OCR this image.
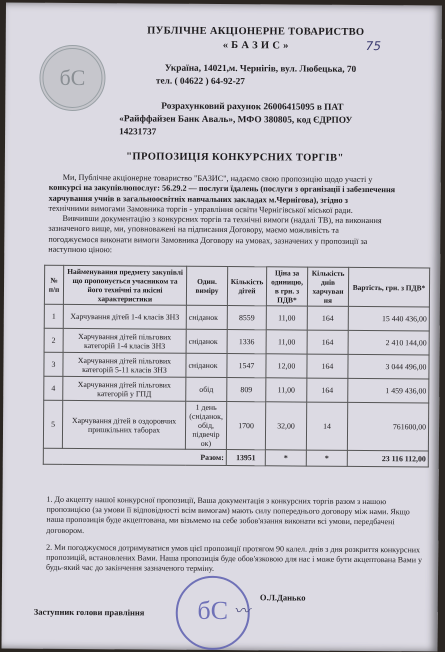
бС
75
ПУБЛІЧНЕ АКЦІОНЕРНЕ ТОВАРИСТВО
« Б А З И С »
Україна, 14021,м. Чернігів, вул. Любецька, 70
тел. ( 04622 ) 64-92-27
Розрахунковий рахунок 26006415095 в ПАТ
«Райффайзен Банк Аваль», МФО 380805, код ЄДРПОУ
14231737
"ПРОПОЗИЦІЯ КОНКУРСНИХ ТОРГІВ"
Ми, Публічне акціонерне товариство "БАЗИС", надаємо свою пропозицію щодо участі у
конкурсі на закупівлюпослуг: 56.29.2 — послуги їдалень (послуги з організації і забезпечення
харчування учнів в загальноосвітніх навчальних закладах м.Чернігова), згідно з
технічними вимогами Замовника торгів - управління освіти Чернігівської міської ради.
Вивчивши документацію з конкурсних торгів та технічні вимоги (надалі ТВ), на виконання
зазначеного вище, ми, уповноважені на підписання Договору, маємо можливість та
погоджуємося виконати вимоги Замовника Договору на умовах, зазначених у пропозиції за
наступною ціною:
№ п/п	Найменування предмету закупівлі що пропонується учасником та його технічні та якісні характеристики	Один. виміру	Кількість дітей	Ціна за одиницю, в грн. з ПДВ*	Кількість днів харчуван ня	Вартість, грн. з ПДВ*
1	Харчування дітей 1-4 класів ЗНЗ	сніданок	8559	11,00	164	15 440 436,00
2	Харчування дітей пільгових категорій 1-4 класів ЗНЗ	сніданок	1336	11,00	164	2 410 144,00
3	Харчування дітей пільгових категорій 5-11 класів ЗНЗ	сніданок	1547	12,00	164	3 044 496,00
4	Харчування дітей пільгових категорій у ГПД	обід	809	11,00	164	1 459 436,00
5	Харчування дітей в оздоровчих пришкільних таборах	1 день (сніданок, обід, підвечір ок)	1700	32,00	14	761600,00
Разом:			13951	*	*	23 116 112,00
1. До акцепту нашої конкурсної пропозиції, Ваша документація з конкурсних торгів разом з нашою пропозицією (за умови її відповідності всім вимогам) мають силу попереднього договору між нами. Якщо наша пропозиція буде акцептована, ми візьмемо на себе зобов'язання виконати всі умови, передбачені договором.
2. Ми погоджуємося дотримуватися умов цієї пропозиції протягом 90 калел. днів з дня розкриття конкурсних пропозицій, встановлених Вами. Наша пропозиція буде обов'язковою для нас і може бути акцептована Вами у будь-який час до закінчення зазначеного терміну.
бС 〰︎
Заступник голови правління
О.Л.Данько
